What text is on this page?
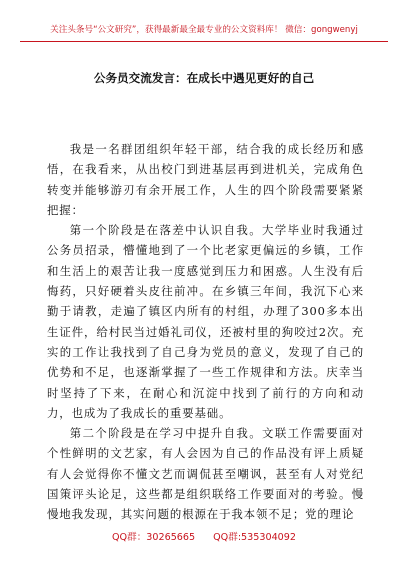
关注头条号“公文研究”，获得最新最全最专业的公文资料库！ 微信：gongwenyj
公务员交流发言：在成长中遇见更好的自己

我是一名群团组织年轻干部，结合我的成长经历和感悟，在我看来，从出校门到进基层再到进机关，完成角色转变并能够游刃有余开展工作，人生的四个阶段需要紧紧把握：

第一个阶段是在落差中认识自我。大学毕业时我通过公务员招录，懵懂地到了一个比老家更偏远的乡镇，工作和生活上的艰苦让我一度感觉到压力和困惑。人生没有后悔药，只好硬着头皮往前冲。在乡镇三年间，我沉下心来勤于请教，走遍了镇区内所有的村组，办理了300多本出生证件，给村民当过婚礼司仪，还被村里的狗咬过2次。充实的工作让我找到了自己身为党员的意义，发现了自己的优势和不足，也逐渐掌握了一些工作规律和方法。庆幸当时坚持了下来，在耐心和沉淀中找到了前行的方向和动力，也成为了我成长的重要基础。

第二个阶段是在学习中提升自我。文联工作需要面对个性鲜明的文艺家，有人会因为自己的作品没有评上质疑有人会觉得你不懂文艺而调侃甚至嘲讽，甚至有人对党纪国策评头论足，这些都是组织联络工作要面对的考验。慢慢地我发现，其实问题的根源在于我本领不足；党的理论

QQ群：30265665 QQ群:535304092
